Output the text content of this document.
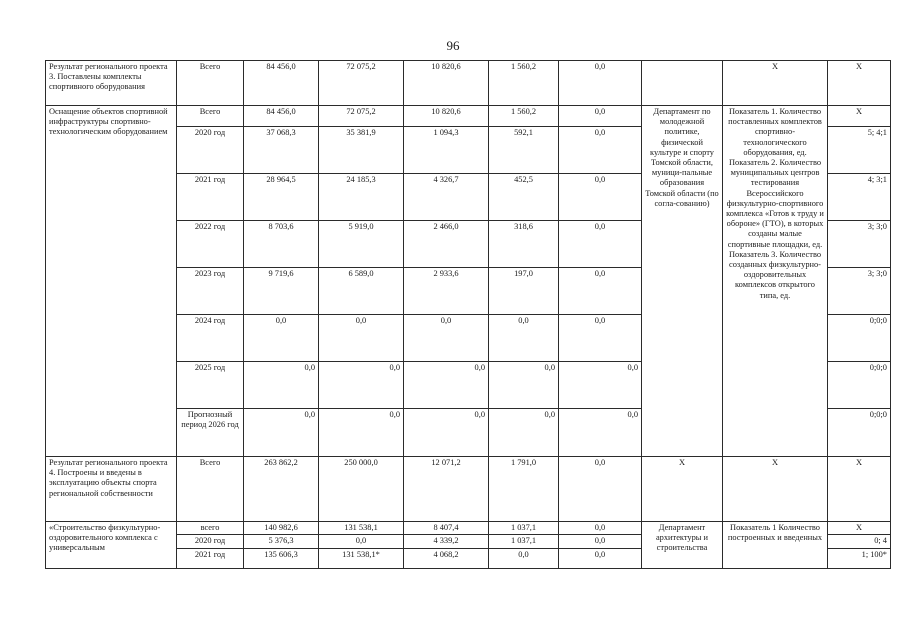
96
Результат регионального проекта 3. Поставлены комплекты спортивного оборудования	Всего	84 456,0	72 075,2	10 820,6	1 560,2	0,0		Х	Х
Оснащение объектов спортивной инфраструктуры спортивно-технологическим оборудованием	Всего	84 456,0	72 075,2	10 820,6	1 560,2	0,0	Департамент по молодежной политике, физической культуре и спорту Томской области, муници-пальные образования Томской области (по согла-сованию)	Показатель 1. Количество поставленных комплектов спортивно-технологического оборудования, ед. Показатель 2. Количество муниципальных центров тестирования Всероссийского физкультурно-спортивного комплекса «Готов к труду и обороне» (ГТО), в которых созданы малые спортивные площадки, ед. Показатель 3. Количество созданных физкультурно-оздоровительных комплексов открытого типа, ед.	Х
	2020 год	37 068,3	35 381,9	1 094,3	592,1	0,0			5; 4;1
	2021 год	28 964,5	24 185,3	4 326,7	452,5	0,0			4; 3;1
	2022 год	8 703,6	5 919,0	2 466,0	318,6	0,0			3; 3;0
	2023 год	9 719,6	6 589,0	2 933,6	197,0	0,0			3; 3;0
	2024 год	0,0	0,0	0,0	0,0	0,0			0;0;0
	2025 год	0,0	0,0	0,0	0,0	0,0			0;0;0
	Прогнозный период 2026 год	0,0	0,0	0,0	0,0	0,0			0;0;0
Результат регионального проекта 4. Построены и введены в эксплуатацию объекты спорта региональной собственности	Всего	263 862,2	250 000,0	12 071,2	1 791,0	0,0	Х	Х	Х
«Строительство физкультурно-оздоровительного комплекса с универсальным	всего	140 982,6	131 538,1	8 407,4	1 037,1	0,0	Департамент архитектуры и строительства	Показатель 1 Количество построенных и введенных	Х
	2020 год	5 376,3	0,0	4 339,2	1 037,1	0,0			0; 4
	2021 год	135 606,3	131 538,1*	4 068,2	0,0	0,0			1; 100*
